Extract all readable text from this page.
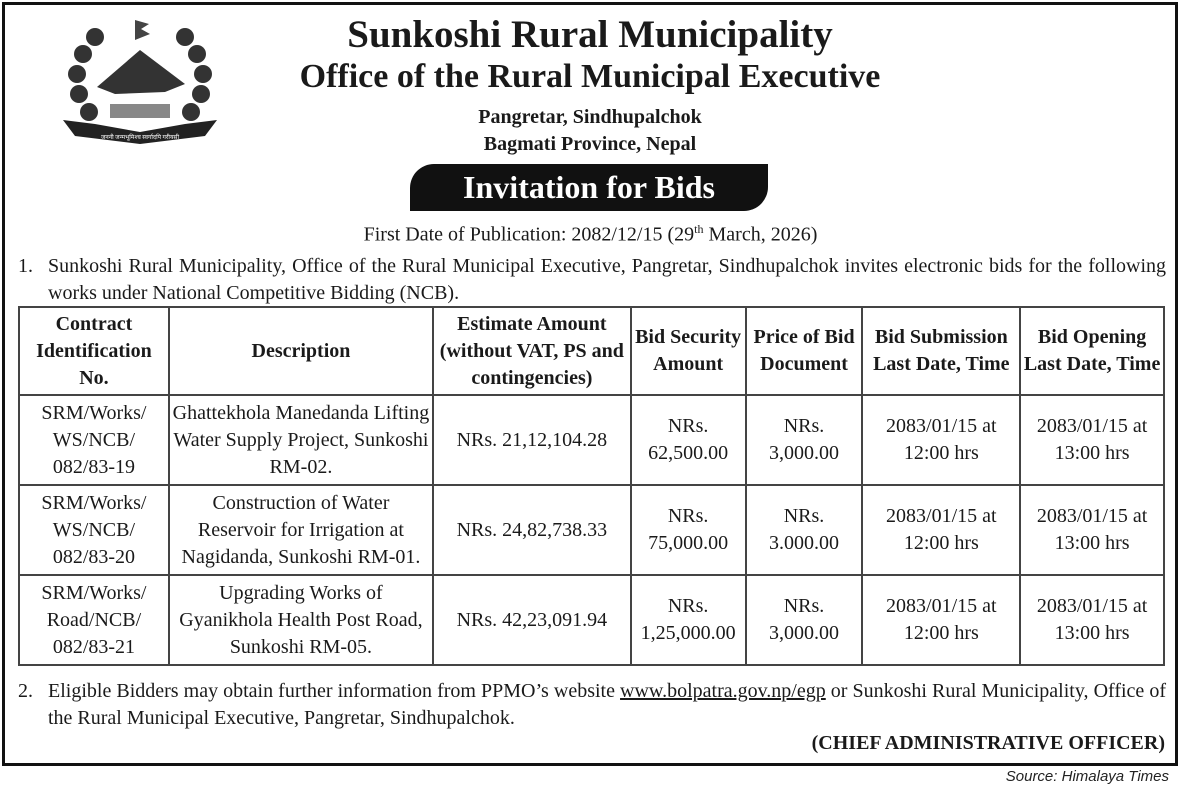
जननी जन्मभूमिश्च स्वर्गादपि गरीयसी
Sunkoshi Rural Municipality
Office of the Rural Municipal Executive
Pangretar, Sindhupalchok
Bagmati Province, Nepal
Invitation for Bids
First Date of Publication: 2082/12/15 (29th March, 2026)
1. Sunkoshi Rural Municipality, Office of the Rural Municipal Executive, Pangretar, Sindhupalchok invites electronic bids for the following works under National Competitive Bidding (NCB).
Contract Identification No.	Description	Estimate Amount (without VAT, PS and contingencies)	Bid Security Amount	Price of Bid Document	Bid Submission Last Date, Time	Bid Opening Last Date, Time
SRM/Works/ WS/NCB/ 082/83-19	Ghattekhola Manedanda Lifting Water Supply Project, Sunkoshi RM-02.	NRs. 21,12,104.28	NRs. 62,500.00	NRs. 3,000.00	2083/01/15 at 12:00 hrs	2083/01/15 at 13:00 hrs
SRM/Works/ WS/NCB/ 082/83-20	Construction of Water Reservoir for Irrigation at Nagidanda, Sunkoshi RM-01.	NRs. 24,82,738.33	NRs. 75,000.00	NRs. 3.000.00	2083/01/15 at 12:00 hrs	2083/01/15 at 13:00 hrs
SRM/Works/ Road/NCB/ 082/83-21	Upgrading Works of Gyanikhola Health Post Road, Sunkoshi RM-05.	NRs. 42,23,091.94	NRs. 1,25,000.00	NRs. 3,000.00	2083/01/15 at 12:00 hrs	2083/01/15 at 13:00 hrs
2. Eligible Bidders may obtain further information from PPMO’s website www.bolpatra.gov.np/egp or Sunkoshi Rural Municipality, Office of the Rural Municipal Executive, Pangretar, Sindhupalchok.
(CHIEF ADMINISTRATIVE OFFICER)
Source: Himalaya Times
